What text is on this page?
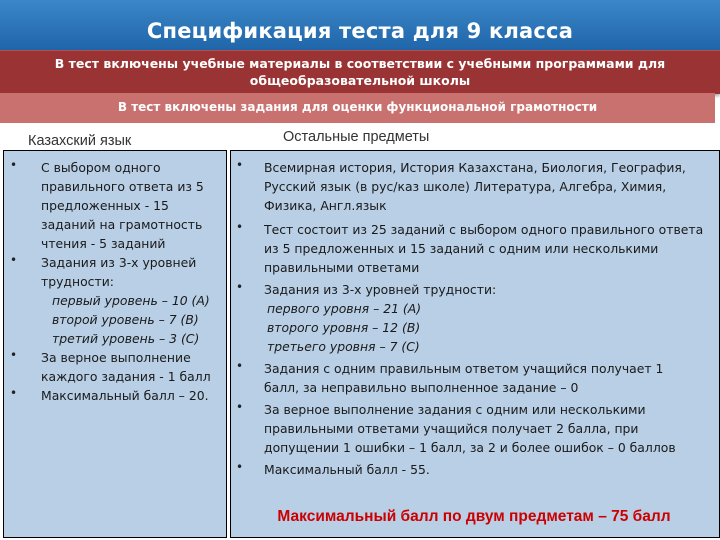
Спецификация теста для 9 класса
В тест включены учебные материалы в соответствии с учебными программами для
общеобразовательной школы
В тест включены задания для оценки функциональной грамотности
Казахский язык	Остальные предметы
• С выбором одного
правильного ответа из 5
предложенных - 15
заданий на грамотность
чтения - 5 заданий
• Задания из 3-х уровней
трудности:
первый уровень – 10 (А)
второй уровень – 7 (В)
третий уровень – 3 (С)
• За верное выполнение
каждого задания - 1 балл
• Максимальный балл – 20.
• Всемирная история, История Казахстана, Биология, География,
Русский язык (в рус/каз школе) Литература, Алгебра, Химия,
Физика, Англ.язык
• Тест состоит из 25 заданий с выбором одного правильного ответа
из 5 предложенных и 15 заданий с одним или несколькими
правильными ответами
• Задания из 3-х уровней трудности:
первого уровня – 21 (А)
второго уровня – 12 (В)
третьего уровня – 7 (С)
• Задания с одним правильным ответом учащийся получает 1
балл, за неправильно выполненное задание – 0
• За верное выполнение задания с одним или несколькими
правильными ответами учащийся получает 2 балла, при
допущении 1 ошибки – 1 балл, за 2 и более ошибок – 0 баллов
• Максимальный балл - 55.
Максимальный балл по двум предметам – 75 балл
